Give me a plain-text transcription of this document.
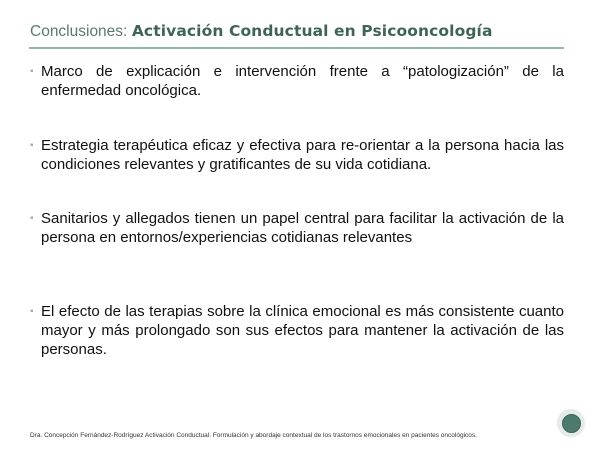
Conclusiones: Activación Conductual en Psicooncología
▪ Marco de explicación e intervención frente a “patologización” de la enfermedad oncológica.
▪ Estrategia terapéutica eficaz y efectiva para re-orientar a la persona hacia las condiciones relevantes y gratificantes de su vida cotidiana.
▪ Sanitarios y allegados tienen un papel central para facilitar la activación de la persona en entornos/experiencias cotidianas relevantes
▪ El efecto de las terapias sobre la clínica emocional es más consistente cuanto mayor y más prolongado son sus efectos para mantener la activación de las personas.
Dra. Concepción Fernández-Rodríguez Activación Conductual. Formulación y abordaje contextual de los trastornos emocionales en pacientes oncológicos.
